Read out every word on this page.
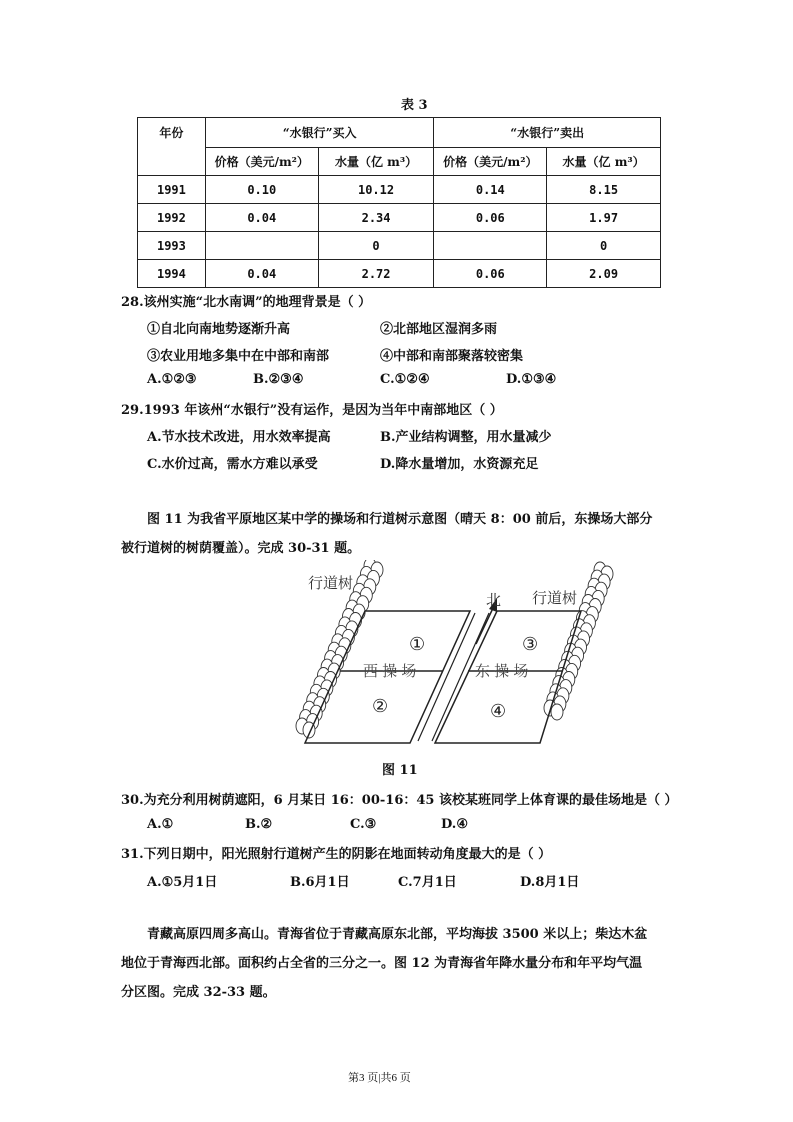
表 3
年份	“水银行”买入		“水银行”卖出	
	价格（美元/m²）	水量（亿 m³）	价格（美元/m²）	水量（亿 m³）
1991	0.10	10.12	0.14	8.15
1992	0.04	2.34	0.06	1.97
1993		0		0
1994	0.04	2.72	0.06	2.09
28.该州实施“北水南调”的地理背景是（ ）
①自北向南地势逐渐升高	②北部地区湿润多雨
③农业用地多集中在中部和南部	④中部和南部聚落较密集
A.①②③	B.②③④	C.①②④	D.①③④
29.1993 年该州“水银行”没有运作，是因为当年中南部地区（ ）
A.节水技术改进，用水效率提高	B.产业结构调整，用水量减少
C.水价过高，需水方难以承受	D.降水量增加，水资源充足
图 11 为我省平原地区某中学的操场和行道树示意图（晴天 8：00 前后，东操场大部分
被行道树的树荫覆盖）。完成 30-31 题。
行道树
行道树
北
西 操 场	东 操 场
①
②
③
④
图 11
30.为充分利用树荫遮阳，6 月某日 16：00-16：45 该校某班同学上体育课的最佳场地是（ ）
A.①	B.②	C.③	D.④
31.下列日期中，阳光照射行道树产生的阴影在地面转动角度最大的是（ ）
A.①5月1日	B.6月1日	C.7月1日	D.8月1日
青藏高原四周多高山。青海省位于青藏高原东北部，平均海拔 3500 米以上；柴达木盆
地位于青海西北部。面积约占全省的三分之一。图 12 为青海省年降水量分布和年平均气温
分区图。完成 32-33 题。
第3 页|共6 页
